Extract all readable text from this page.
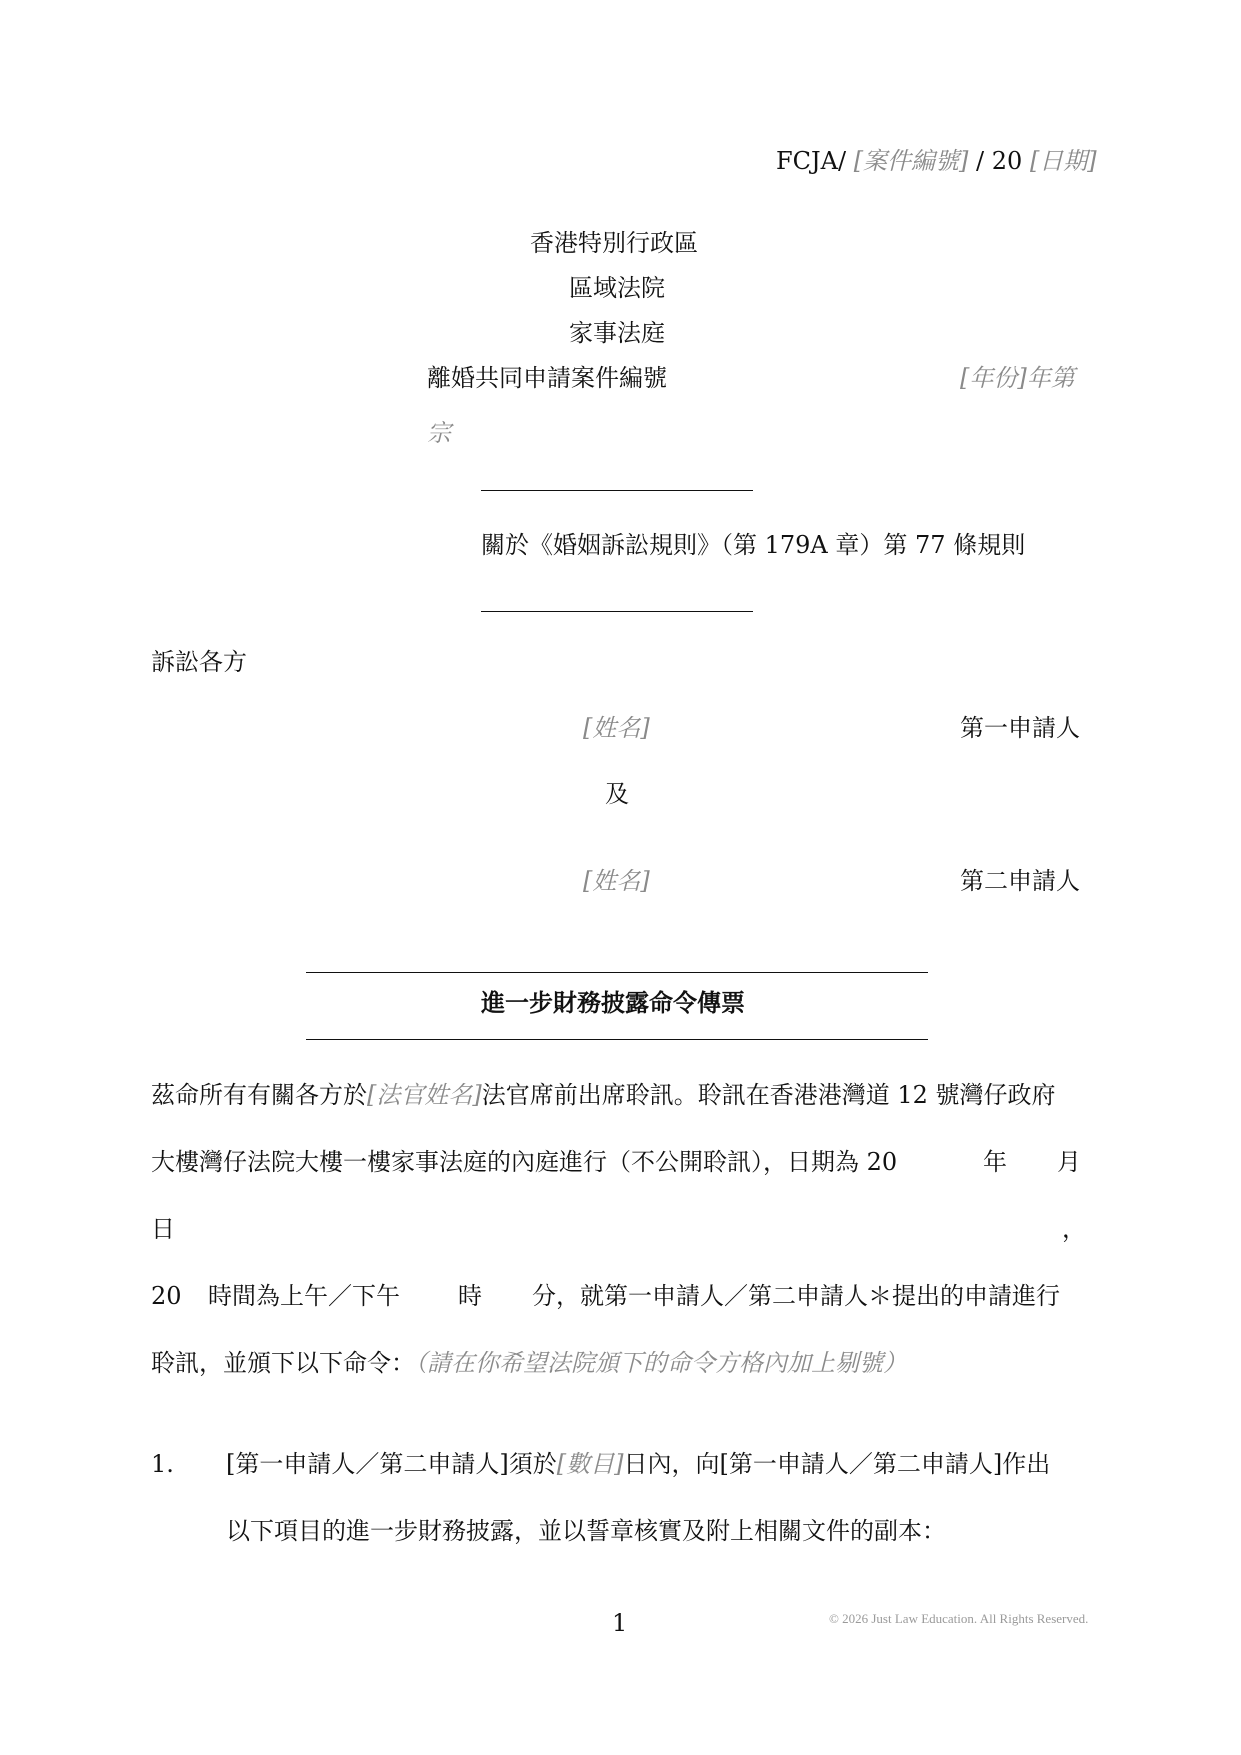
FCJA/ [案件編號] / 20 [日期]
香港特別行政區
區域法院
家事法庭
離婚共同申請案件編號	[年份]年第
宗
關於《婚姻訴訟規則》（第 179A 章）第 77 條規則
訴訟各方
[姓名]	第一申請人
及
[姓名]	第二申請人
進一步財務披露命令傳票
茲命所有有關各方於[法官姓名]法官席前出席聆訊。聆訊在香港港灣道 12 號灣仔政府
大樓灣仔法院大樓一樓家事法庭的內庭進行（不公開聆訊），日期為 20	年 月
日	，
20 時間為上午／下午 時 分，就第一申請人／第二申請人＊提出的申請進行
聆訊，並頒下以下命令：（請在你希望法院頒下的命令方格內加上剔號）
1. [第一申請人／第二申請人]須於[數目]日內，向[第一申請人／第二申請人]作出
以下項目的進一步財務披露，並以誓章核實及附上相關文件的副本：
1	© 2026 Just Law Education. All Rights Reserved.
